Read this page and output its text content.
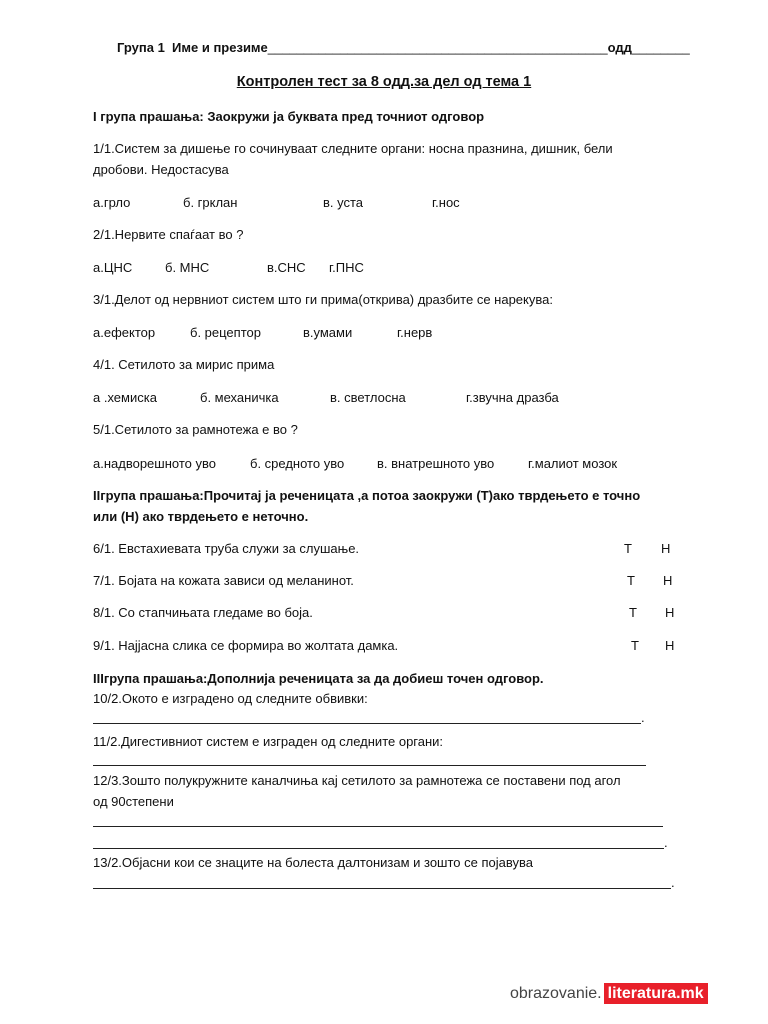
Група 1 Име и презиме_______________________________________________одд________
Контролен тест за 8 одд.за дел од тема 1
I група прашања: Заокружи ја буквата пред точниот одговор
1/1.Систем за дишење го сочинуваат следните органи: носна празнина, дишник, бели
дробови. Недостасува
а.грло	б. грклан	в. уста	г.нос
2/1.Нервите спаѓаат во ?
а.ЦНС	б. МНС	в.СНС г.ПНС
3/1.Делот од нервниот систем што ги прима(открива) дразбите се нарекува:
а.ефектор	б. рецептор	в.умами	г.нерв
4/1. Сетилото за мирис прима
а .хемиска	б. механичка	в. светлосна	г.звучна дразба
5/1.Сетилото за рамнотежа е во ?
а.надворешното уво	б. средното уво	в. внатрешното уво	г.малиот мозок
IIгрупа прашања:Прочитај ја реченицата ,а потоа заокружи (Т)ако тврдењето е точно
или (Н) ако тврдењето е неточно.
6/1. Евстахиевата труба служи за слушање.	Т Н
7/1. Бојата на кожата зависи од меланинот.	Т Н
8/1. Со стапчињата гледаме во боја.	Т Н
9/1. Најјасна слика се формира во жолтата дамка.	Т Н
IIIгрупа прашања:Дополнија реченицата за да добиеш точен одговор.
10/2.Окото е изградено од следните обвивки:
.
11/2.Дигестивниот систем е изграден од следните органи:
12/3.Зошто полукружните каналчиња кај сетилото за рамнотежа се поставени под агол
од 90степени
.
13/2.Објасни кои се знаците на болеста далтонизам и зошто се појавува
.
obrazovanie. literatura.mk
